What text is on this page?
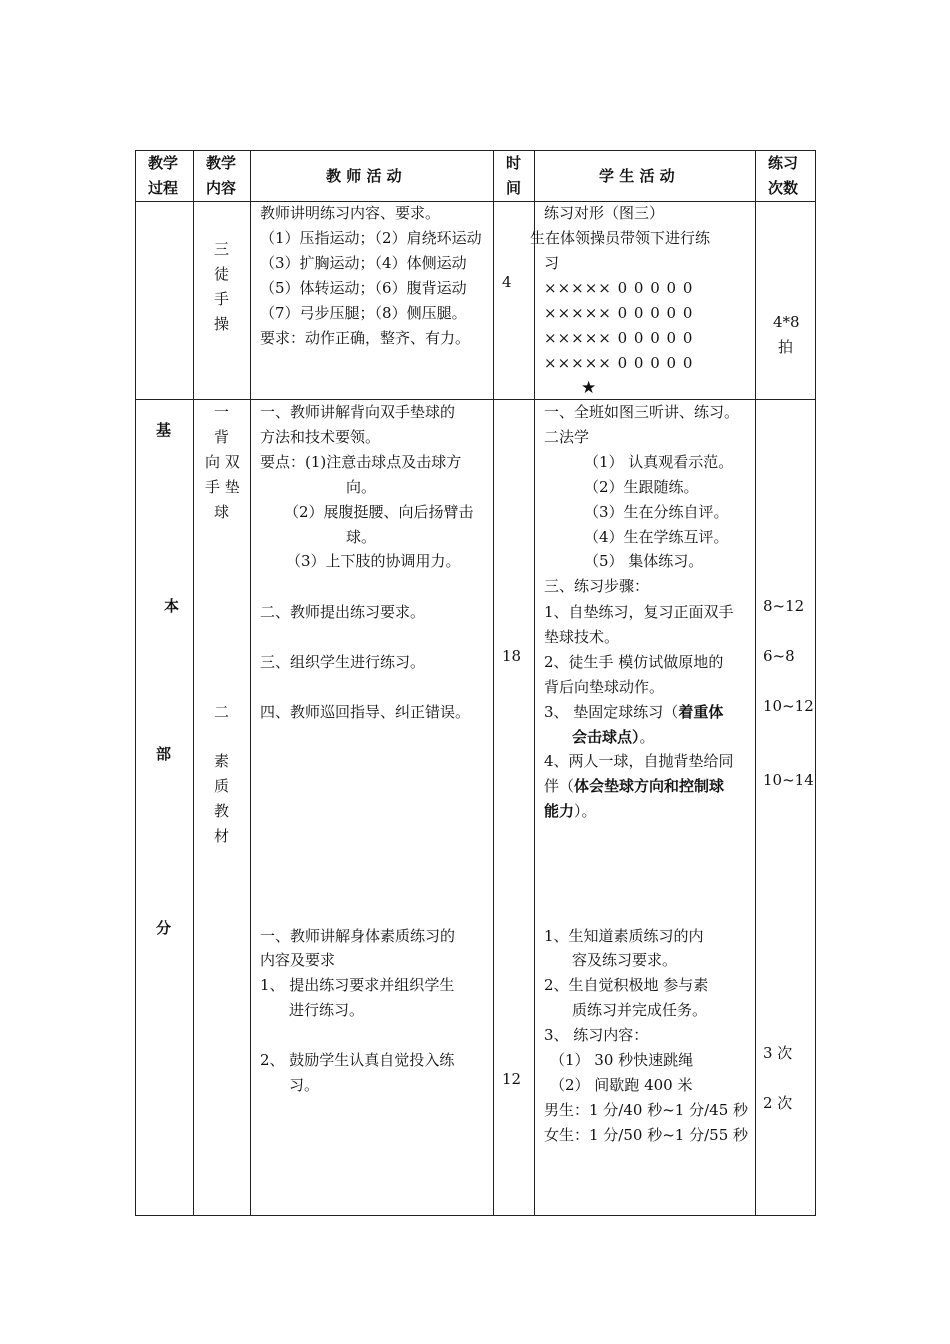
教学
过程
教学
内容
教 师 活 动
时
间
学 生 活 动
练习
次数
三
徒
手
操
教师讲明练习内容、要求。
（1）压指运动；（2）肩绕环运动
（3）扩胸运动；（4）体侧运动
（5）体转运动；（6）腹背运动
（7）弓步压腿；（8）侧压腿。
要求：动作正确，整齐、有力。
4
练习对形（图三）
生在体领操员带领下进行练
习
××××× 0 0 0 0 0
××××× 0 0 0 0 0
××××× 0 0 0 0 0
××××× 0 0 0 0 0
★
4*8
拍
基
本
部
分
一
背
向 双
手 垫
球
二
素
质
教
材
一、教师讲解背向双手垫球的
方法和技术要领。
要点：(1)注意击球点及击球方
向。
（2）展腹挺腰、向后扬臂击
球。
（3）上下肢的协调用力。
二、教师提出练习要求。
三、组织学生进行练习。
四、教师巡回指导、纠正错误。
一、教师讲解身体素质练习的
内容及要求
1、 提出练习要求并组织学生
进行练习。
2、 鼓励学生认真自觉投入练
习。
18
12
一、全班如图三听讲、练习。
二法学
（1） 认真观看示范。
（2）生跟随练。
（3）生在分练自评。
（4）生在学练互评。
（5） 集体练习。
三、练习步骤：
1、自垫练习，复习正面双手
垫球技术。
2、徒生手 模仿试做原地的
背后向垫球动作。
3、 垫固定球练习（着重体
会击球点）。
4、两人一球，自抛背垫给同
伴（体会垫球方向和控制球
能力）。
1、生知道素质练习的内
容及练习要求。
2、生自觉积极地 参与素
质练习并完成任务。
3、 练习内容：
（1） 30 秒快速跳绳
（2） 间歇跑 400 米
男生：1 分/40 秒~1 分/45 秒
女生：1 分/50 秒~1 分/55 秒
8~12
6~8
10~12
10~14
3 次
2 次
